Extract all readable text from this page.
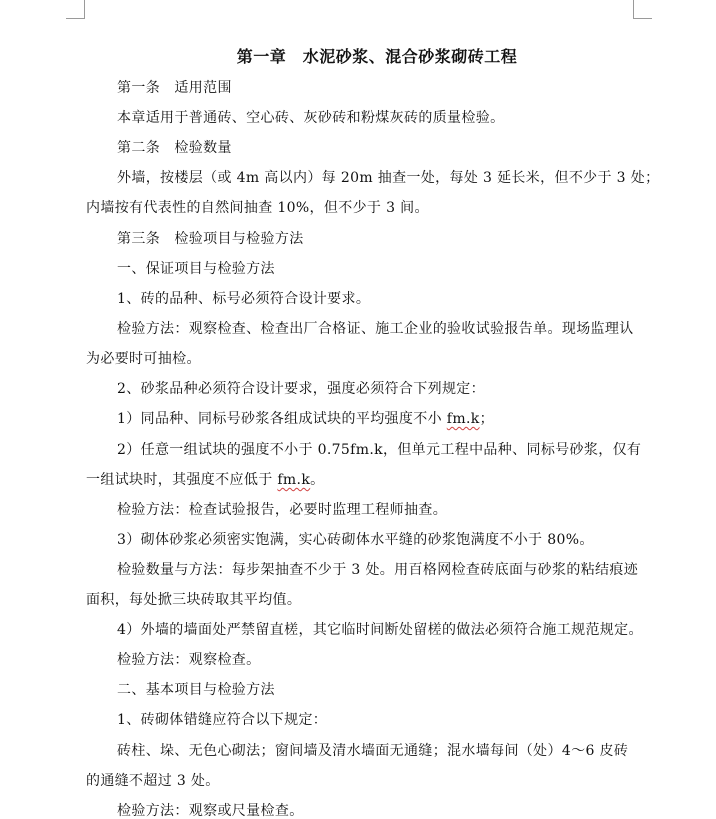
第一章　水泥砂浆、混合砂浆砌砖工程
第一条　适用范围
本章适用于普通砖、空心砖、灰砂砖和粉煤灰砖的质量检验。
第二条　检验数量
外墙，按楼层（或 4m 高以内）每 20m 抽查一处，每处 3 延长米，但不少于 3 处；
内墙按有代表性的自然间抽查 10%，但不少于 3 间。
第三条　检验项目与检验方法
一、保证项目与检验方法
1、砖的品种、标号必须符合设计要求。
检验方法：观察检查、检查出厂合格证、施工企业的验收试验报告单。现场监理认
为必要时可抽检。
2、砂浆品种必须符合设计要求，强度必须符合下列规定：
1）同品种、同标号砂浆各组成试块的平均强度不小 fm.k；
2）任意一组试块的强度不小于 0.75fm.k，但单元工程中品种、同标号砂浆，仅有
一组试块时，其强度不应低于 fm.k。
检验方法：检查试验报告，必要时监理工程师抽查。
3）砌体砂浆必须密实饱满，实心砖砌体水平缝的砂浆饱满度不小于 80%。
检验数量与方法：每步架抽查不少于 3 处。用百格网检查砖底面与砂浆的粘结痕迹
面积，每处掀三块砖取其平均值。
4）外墙的墙面处严禁留直槎，其它临时间断处留槎的做法必须符合施工规范规定。
检验方法：观察检查。
二、基本项目与检验方法
1、砖砌体错缝应符合以下规定：
砖柱、垛、无色心砌法；窗间墙及清水墙面无通缝；混水墙每间（处）4～6 皮砖
的通缝不超过 3 处。
检验方法：观察或尺量检查。
